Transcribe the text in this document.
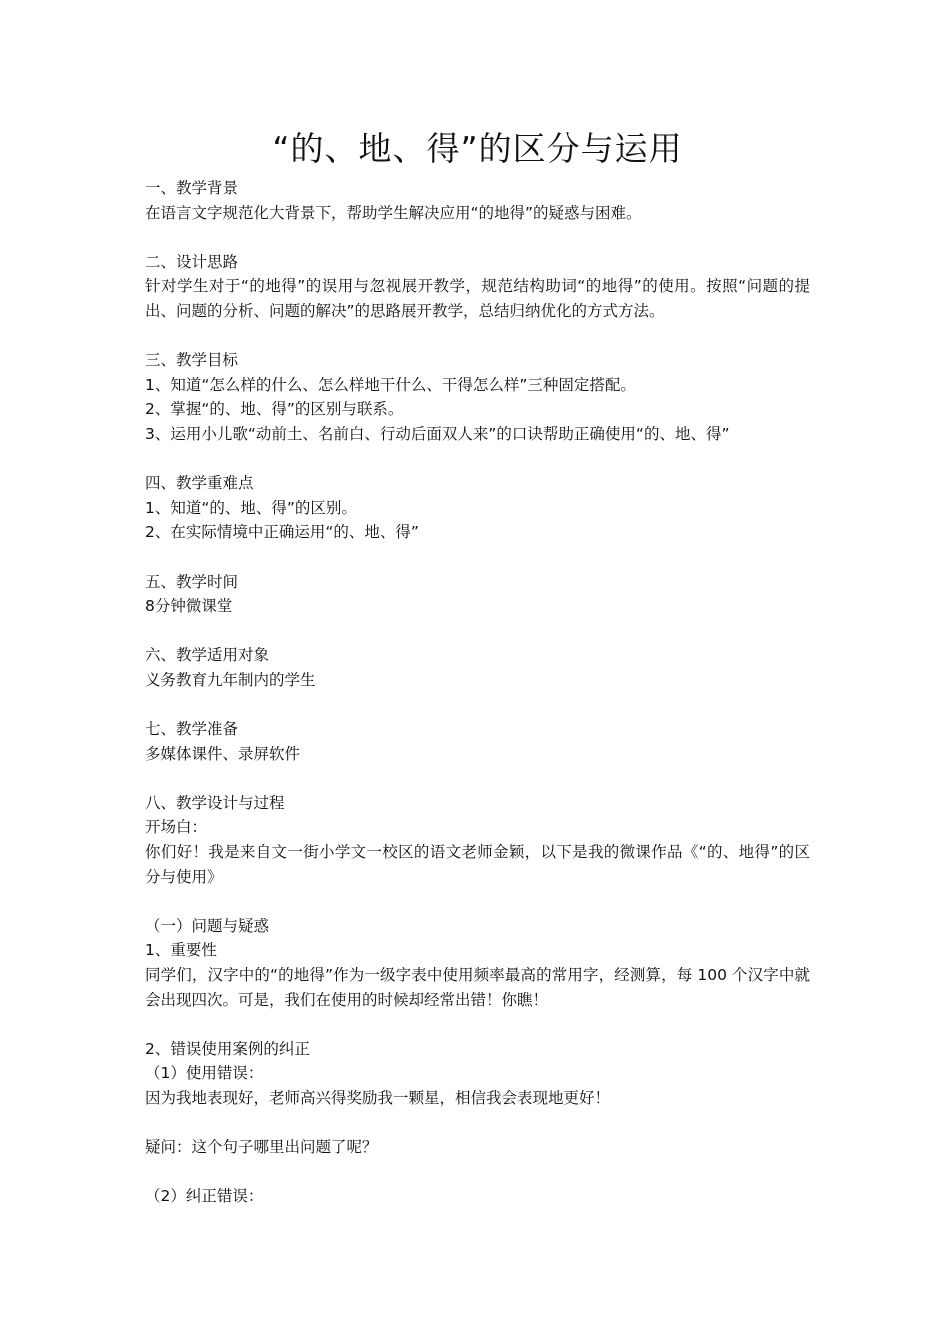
“的、地、得”的区分与运用
一、教学背景
在语言文字规范化大背景下，帮助学生解决应用“的地得”的疑惑与困难。
二、设计思路
针对学生对于“的地得”的误用与忽视展开教学，规范结构助词“的地得”的使用。按照“问题的提出、问题的分析、问题的解决”的思路展开教学，总结归纳优化的方式方法。
三、教学目标
1、知道“怎么样的什么、怎么样地干什么、干得怎么样”三种固定搭配。
2、掌握“的、地、得”的区别与联系。
3、运用小儿歌“动前土、名前白、行动后面双人来”的口诀帮助正确使用“的、地、得”
四、教学重难点
1、知道“的、地、得”的区别。
2、在实际情境中正确运用“的、地、得”
五、教学时间
8分钟微课堂
六、教学适用对象
义务教育九年制内的学生
七、教学准备
多媒体课件、录屏软件
八、教学设计与过程
开场白：
你们好！我是来自文一街小学文一校区的语文老师金颖，以下是我的微课作品《“的、地得”的区分与使用》
（一）问题与疑惑
1、重要性
同学们，汉字中的“的地得”作为一级字表中使用频率最高的常用字，经测算，每 100 个汉字中就会出现四次。可是，我们在使用的时候却经常出错！你瞧！
2、错误使用案例的纠正
（1）使用错误：
因为我地表现好，老师高兴得奖励我一颗星，相信我会表现地更好！
疑问：这个句子哪里出问题了呢？
（2）纠正错误：
